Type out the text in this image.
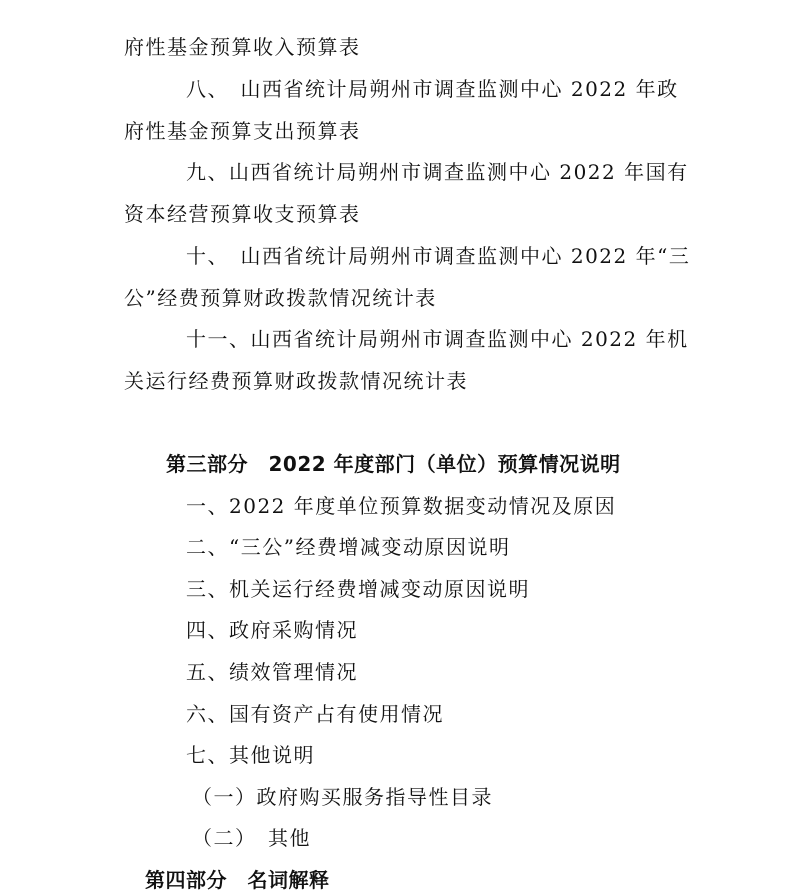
府性基金预算收入预算表
八、　山西省统计局朔州市调查监测中心 2022 年政
府性基金预算支出预算表
九、山西省统计局朔州市调查监测中心 2022 年国有
资本经营预算收支预算表
十、　山西省统计局朔州市调查监测中心 2022 年“三
公”经费预算财政拨款情况统计表
十一、山西省统计局朔州市调查监测中心 2022 年机
关运行经费预算财政拨款情况统计表
第三部分　2022 年度部门（单位）预算情况说明
一、2022 年度单位预算数据变动情况及原因
二、“三公”经费增减变动原因说明
三、机关运行经费增减变动原因说明
四、政府采购情况
五、绩效管理情况
六、国有资产占有使用情况
七、其他说明
（一）政府购买服务指导性目录
（二）　其他
第四部分　名词解释
